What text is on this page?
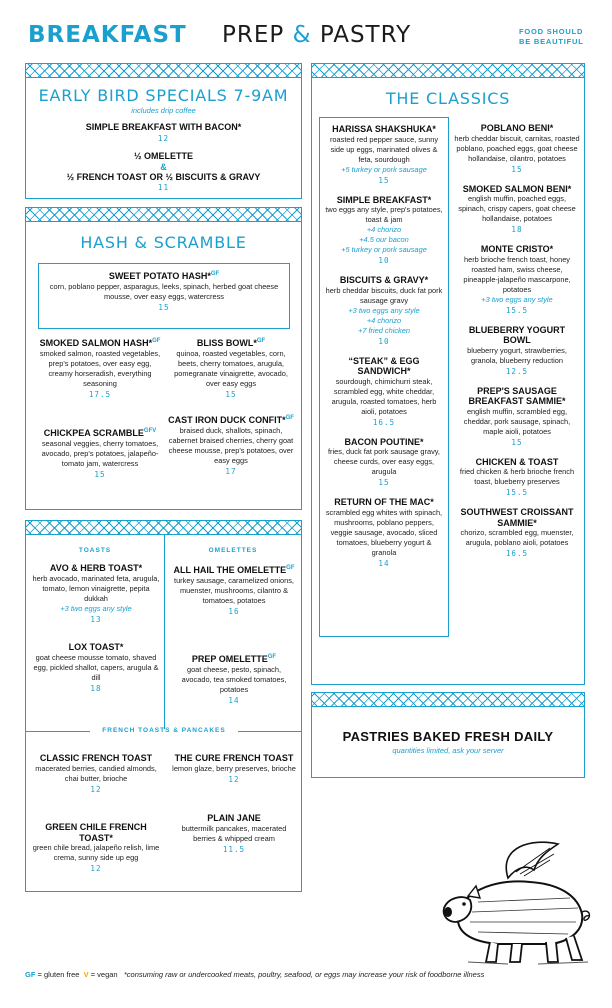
BREAKFAST PREP & PASTRY	FOOD SHOULD
BE BEAUTIFUL
EARLY BIRD SPECIALS 7-9AM
includes drip coffee
SIMPLE BREAKFAST WITH BACON*
12
½ OMELETTE
&
½ FRENCH TOAST OR ½ BISCUITS & GRAVY
11
HASH & SCRAMBLE
SWEET POTATO HASH*$^{GF}$
corn, poblano pepper, asparagus, leeks, spinach, herbed goat cheese mousse, over easy eggs, watercress
15
SMOKED SALMON HASH*$^{GF}$
smoked salmon, roasted vegetables, prep's potatoes, over easy egg, creamy horseradish, everything seasoning
17.5
BLISS BOWL*$^{GF}$
quinoa, roasted vegetables, corn, beets, cherry tomatoes, arugula, pomegranate vinaigrette, avocado, over easy eggs
15
CHICKPEA $SCRAMBLE^{GFV}$
seasonal veggies, cherry tomatoes, avocado, prep's potatoes, jalapeño-tomato jam, watercress
15
CAST IRON DUCK CONFIT*$^{GF}$
braised duck, shallots, spinach, cabernet braised cherries, cherry goat cheese mousse, prep's potatoes, over easy eggs
17
TOASTS	OMELETTES
AVO & HERB TOAST*
herb avocado, marinated feta, arugula, tomato, lemon vinaigrette, pepita dukkah
+3 two eggs any style
13
LOX TOAST*
goat cheese mousse tomato, shaved egg, pickled shallot, capers, arugula & dill
18
ALL HAIL THE $OMELETTE^{GF}$
turkey sausage, caramelized onions, muenster, mushrooms, cilantro & tomatoes, potatoes
16
PREP $OMELETTE^{GF}$
goat cheese, pesto, spinach, avocado, tea smoked tomatoes, potatoes
14
FRENCH TOASTS & PANCAKES
CLASSIC FRENCH TOAST
macerated berries, candied almonds, chai butter, brioche
12
THE CURE FRENCH TOAST
lemon glaze, berry preserves, brioche
12
GREEN CHILE FRENCH TOAST*
green chile bread, jalapeño relish, lime crema, sunny side up egg
12
PLAIN JANE
buttermilk pancakes, macerated berries & whipped cream
11.5
THE CLASSICS
HARISSA SHAKSHUKA*
roasted red pepper sauce, sunny side up eggs, marinated olives & feta, sourdough
+5 turkey or pork sausage
15
SIMPLE BREAKFAST*
two eggs any style, prep's potatoes, toast & jam
+4 chorizo
+4.5 our bacon
+5 turkey or pork sausage
10
BISCUITS & GRAVY*
herb cheddar biscuits, duck fat pork sausage gravy
+3 two eggs any style
+4 chorizo
+7 fried chicken
10
“STEAK” & EGG SANDWICH*
sourdough, chimichurri steak, scrambled egg, white cheddar, arugula, roasted tomatoes, herb aioli, potatoes
16.5
BACON POUTINE*
fries, duck fat pork sausage gravy, cheese curds, over easy eggs, arugula
15
RETURN OF THE MAC*
scrambled egg whites with spinach, mushrooms, poblano peppers, veggie sausage, avocado, sliced tomatoes, blueberry yogurt & granola
14
POBLANO BENI*
herb cheddar biscuit, carnitas, roasted poblano, poached eggs, goat cheese hollandaise, cilantro, potatoes
15
SMOKED SALMON BENI*
english muffin, poached eggs, spinach, crispy capers, goat cheese hollandaise, potatoes
18
MONTE CRISTO*
herb brioche french toast, honey roasted ham, swiss cheese, pineapple-jalapeño mascarpone, potatoes
+3 two eggs any style
15.5
BLUEBERRY YOGURT BOWL
blueberry yogurt, strawberries, granola, blueberry reduction
12.5
PREP'S SAUSAGE BREAKFAST SAMMIE*
english muffin, scrambled egg, cheddar, pork sausage, spinach, maple aioli, potatoes
15
CHICKEN & TOAST
fried chicken & herb brioche french toast, blueberry preserves
15.5
SOUTHWEST CROISSANT SAMMIE*
chorizo, scrambled egg, muenster, arugula, poblano aioli, potatoes
16.5
PASTRIES BAKED FRESH DAILY
quantities limited, ask your server
GF = gluten free V = vegan *consuming raw or undercooked meats, poultry, seafood, or eggs may increase your risk of foodborne illness
